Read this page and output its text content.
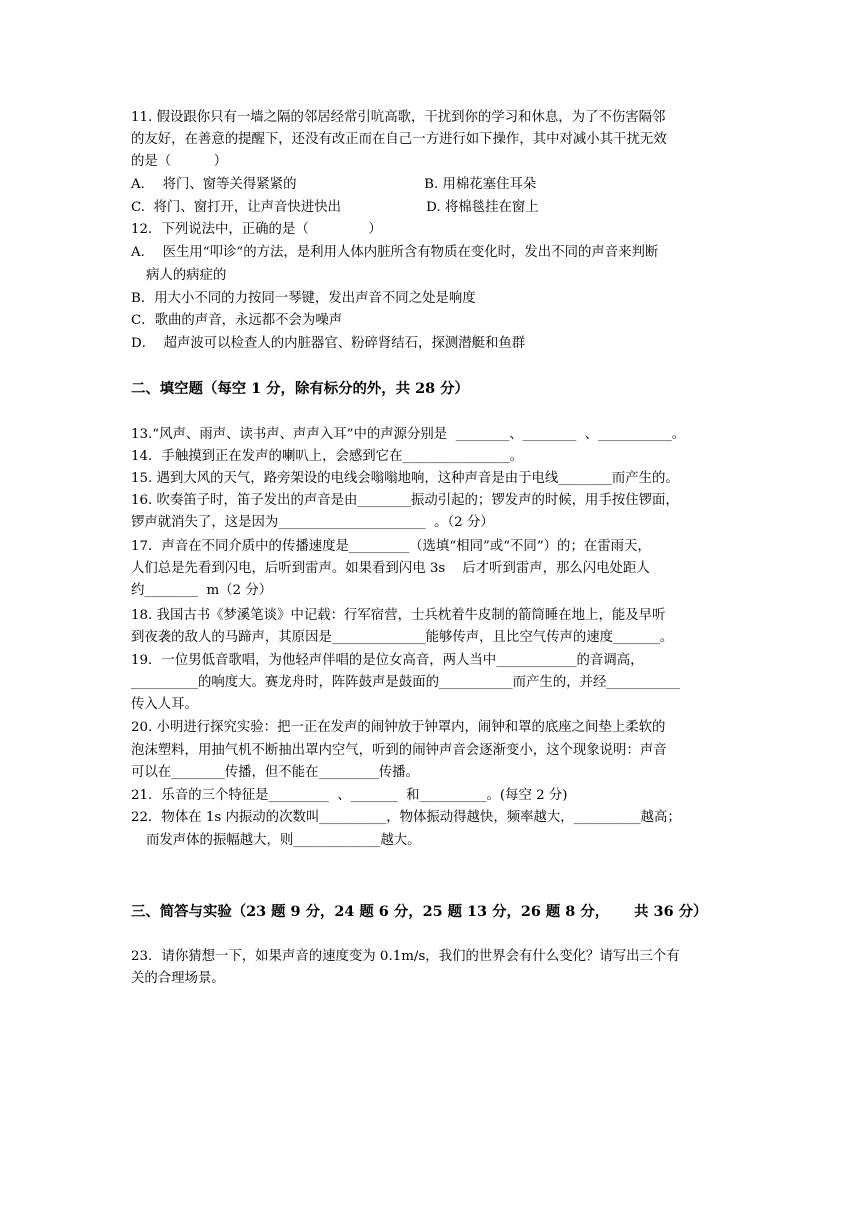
11. 假设跟你只有一墙之隔的邻居经常引吭高歌，干扰到你的学习和休息，为了不伤害隔邻
的友好，在善意的提醒下，还没有改正而在自己一方进行如下操作，其中对减小其干扰无效
的是（          ）
A．  将门、窗等关得紧紧的                              B. 用棉花塞住耳朵
C.  将门、窗打开，让声音快进快出                    D. 将棉毯挂在窗上
12．下列说法中，正确的是（              ）
A．  医生用“叩诊”的方法，是利用人体内脏所含有物质在变化时，发出不同的声音来判断
病人的病症的
B．用大小不同的力按同一琴键，发出声音不同之处是响度
C．歌曲的声音，永远都不会为噪声
D．  超声波可以检查人的内脏器官、粉碎肾结石，探测潜艇和鱼群
二、填空题（每空 1 分，除有标分的外，共 28 分）
13.“风声、雨声、读书声、声声入耳”中的声源分别是  ________、________  、___________。
14．手触摸到正在发声的喇叭上，会感到它在________________。
15. 遇到大风的天气，路旁架设的电线会嗡嗡地响，这种声音是由于电线________而产生的。
16. 吹奏笛子时，笛子发出的声音是由________振动引起的；锣发声的时候，用手按住锣面，
锣声就消失了，这是因为______________________  。（2 分）
17．声音在不同介质中的传播速度是_________（选填“相同”或“不同”）的；在雷雨天，
人们总是先看到闪电，后听到雷声。如果看到闪电 3s    后才听到雷声，那么闪电处距人
约________  m（2 分）
18. 我国古书《梦溪笔谈》中记载：行军宿营，士兵枕着牛皮制的箭筒睡在地上，能及早听
到夜袭的敌人的马蹄声，其原因是______________能够传声，且比空气传声的速度_______。
19．一位男低音歌唱，为他轻声伴唱的是位女高音，两人当中____________的音调高，
__________的响度大。赛龙舟时，阵阵鼓声是鼓面的___________而产生的，并经___________
传入人耳。
20. 小明进行探究实验：把一正在发声的闹钟放于钟罩内，闹钟和罩的底座之间垫上柔软的
泡沫塑料，用抽气机不断抽出罩内空气，听到的闹钟声音会逐渐变小，这个现象说明：声音
可以在________传播，但不能在_________传播。
21．乐音的三个特征是_________  、_______  和__________。(每空 2 分)
22．物体在 1s 内振动的次数叫__________，物体振动得越快，频率越大，__________越高；
而发声体的振幅越大，则_____________越大。
三、简答与实验（23 题 9 分，24 题 6 分，25 题 13 分，26 题 8 分，     共 36 分）
23．请你猜想一下，如果声音的速度变为 0.1m/s，我们的世界会有什么变化？请写出三个有
关的合理场景。
